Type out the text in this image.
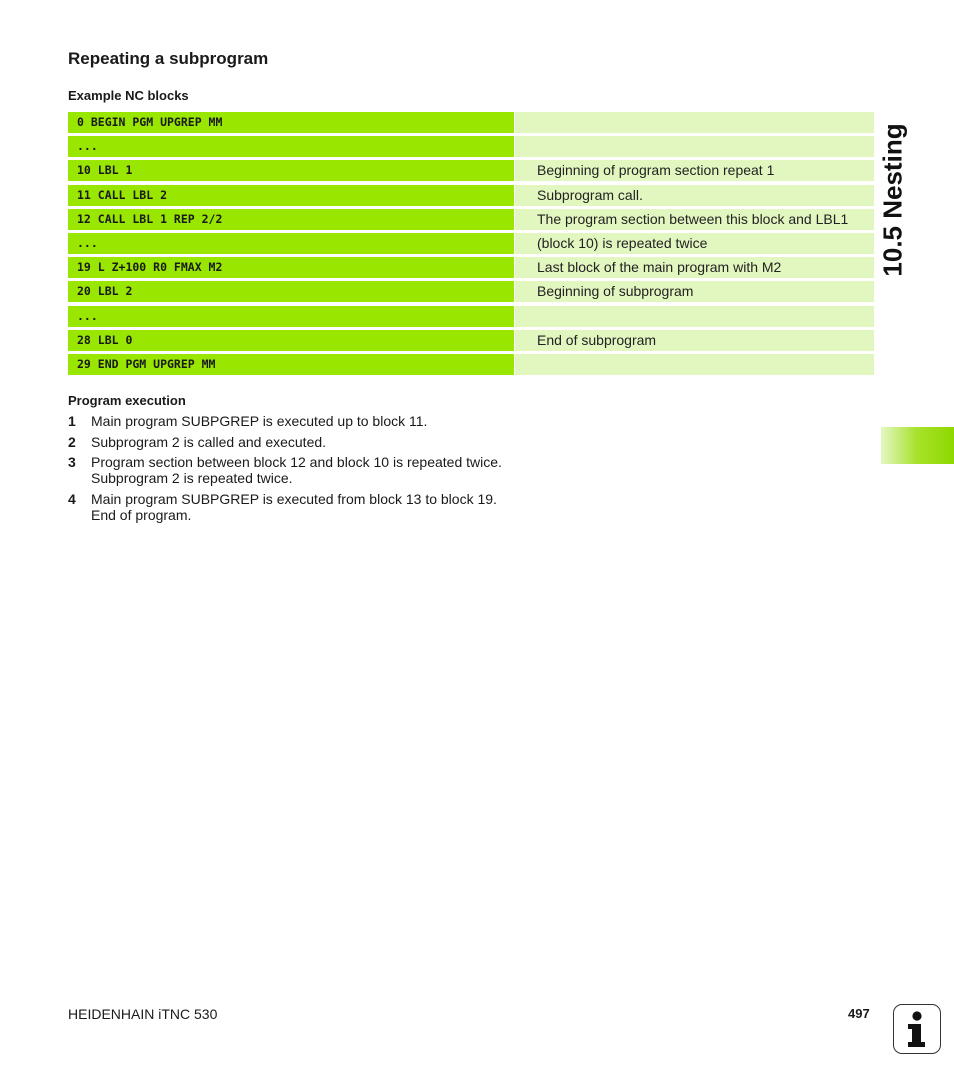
Repeating a subprogram
Example NC blocks
0 BEGIN PGM UPGREP MM
...
10 LBL 1	Beginning of program section repeat 1
11 CALL LBL 2	Subprogram call.
12 CALL LBL 1 REP 2/2	The program section between this block and LBL1
...	(block 10) is repeated twice
19 L Z+100 R0 FMAX M2	Last block of the main program with M2
20 LBL 2	Beginning of subprogram
...
28 LBL 0	End of subprogram
29 END PGM UPGREP MM
Program execution
1	Main program SUBPGREP is executed up to block 11.
2	Subprogram 2 is called and executed.
3	Program section between block 12 and block 10 is repeated twice.
Subprogram 2 is repeated twice.
4	Main program SUBPGREP is executed from block 13 to block 19.
End of program.
10.5 Nesting
HEIDENHAIN iTNC 530	497
